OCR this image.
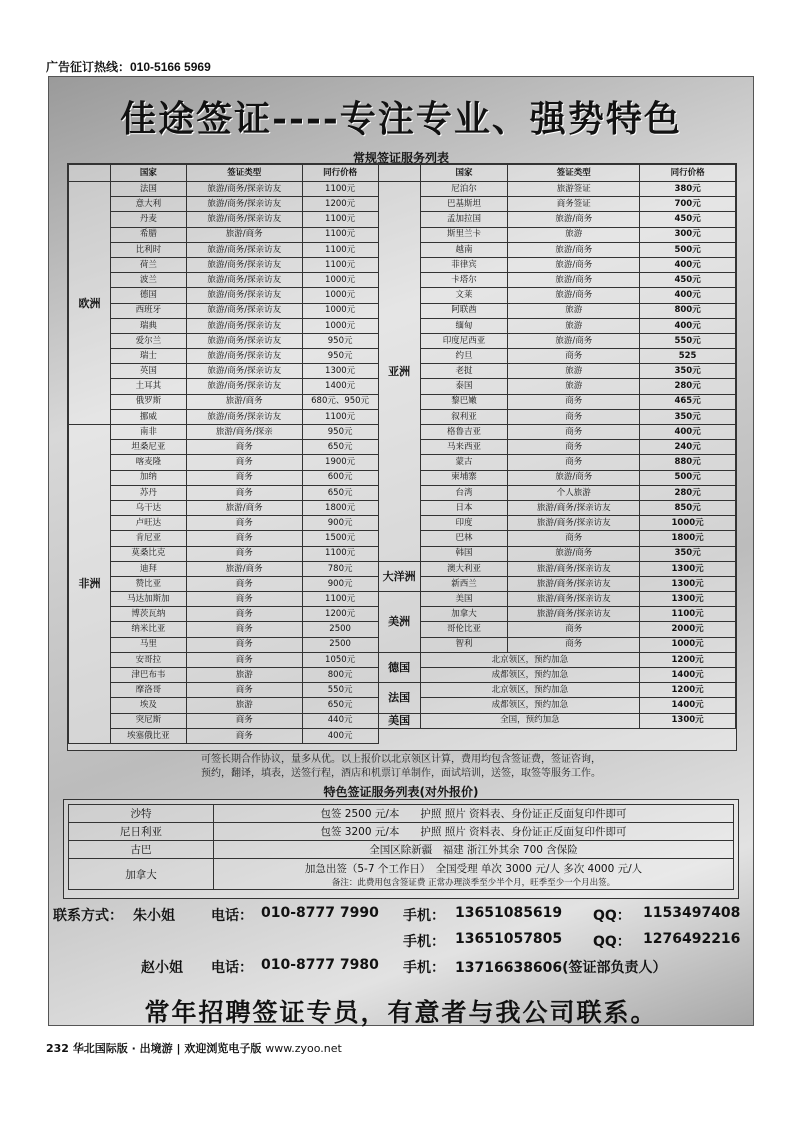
广告征订热线：010-5166 5969
佳途签证----专注专业、强势特色
常规签证服务列表
	国家	签证类型	同行价格		国家	签证类型	同行价格
欧洲	法国	旅游/商务/探亲访友	1100元	亚洲	尼泊尔	旅游签证	380元
	意大利	旅游/商务/探亲访友	1200元		巴基斯坦	商务签证	700元
	丹麦	旅游/商务/探亲访友	1100元		孟加拉国	旅游/商务	450元
	希腊	旅游/商务	1100元		斯里兰卡	旅游	300元
	比利时	旅游/商务/探亲访友	1100元		越南	旅游/商务	500元
	荷兰	旅游/商务/探亲访友	1100元		菲律宾	旅游/商务	400元
	波兰	旅游/商务/探亲访友	1000元		卡塔尔	旅游/商务	450元
	德国	旅游/商务/探亲访友	1000元		文莱	旅游/商务	400元
	西班牙	旅游/商务/探亲访友	1000元		阿联酋	旅游	800元
	瑞典	旅游/商务/探亲访友	1000元		缅甸	旅游	400元
	爱尔兰	旅游/商务/探亲访友	950元		印度尼西亚	旅游/商务	550元
	瑞士	旅游/商务/探亲访友	950元		约旦	商务	525
	英国	旅游/商务/探亲访友	1300元		老挝	旅游	350元
	土耳其	旅游/商务/探亲访友	1400元		泰国	旅游	280元
	俄罗斯	旅游/商务	680元、950元		黎巴嫩	商务	465元
	挪威	旅游/商务/探亲访友	1100元		叙利亚	商务	350元
非洲	南非	旅游/商务/探亲	950元		格鲁吉亚	商务	400元
	坦桑尼亚	商务	650元		马来西亚	商务	240元
	喀麦隆	商务	1900元		蒙古	商务	880元
	加纳	商务	600元		柬埔寨	旅游/商务	500元
	苏丹	商务	650元		台湾	个人旅游	280元
	乌干达	旅游/商务	1800元		日本	旅游/商务/探亲访友	850元
	卢旺达	商务	900元		印度	旅游/商务/探亲访友	1000元
	肯尼亚	商务	1500元		巴林	商务	1800元
	莫桑比克	商务	1100元		韩国	旅游/商务	350元
	迪拜	旅游/商务	780元	大洋洲	澳大利亚	旅游/商务/探亲访友	1300元
	赞比亚	商务	900元		新西兰	旅游/商务/探亲访友	1300元
	马达加斯加	商务	1100元	美洲	美国	旅游/商务/探亲访友	1300元
	博茨瓦纳	商务	1200元		加拿大	旅游/商务/探亲访友	1100元
	纳米比亚	商务	2500		哥伦比亚	商务	2000元
	马里	商务	2500		智利	商务	1000元
	安哥拉	商务	1050元	德国	北京领区，预约加急		1200元
	津巴布韦	旅游	800元		成都领区，预约加急		1400元
	摩洛哥	商务	550元	法国	北京领区，预约加急		1200元
	埃及	旅游	650元		成都领区，预约加急		1400元
	突尼斯	商务	440元	美国	全国，预约加急		1300元
	埃塞俄比亚	商务	400元				
可签长期合作协议，量多从优。以上报价以北京领区计算，费用均包含签证费，签证咨询，
预约，翻译，填表，送签行程，酒店和机票订单制作，面试培训，送签，取签等服务工作。
特色签证服务列表(对外报价)
沙特	包签 2500 元/本　　护照 照片 资料表、身份证正反面复印件即可
尼日利亚	包签 3200 元/本　　护照 照片 资料表、身份证正反面复印件即可
古巴	全国区除新疆　福建 浙江外其余 700 含保险
加拿大	加急出签（5-7 个工作日）　全国受理 单次 3000 元/人 多次 4000 元/人
备注：此费用包含签证费 正常办理淡季至少半个月，旺季至少一个月出签。
联系方式： 朱小姐	电话： 010-8777 7990 手机： 13651085619 QQ： 1153497408
手机： 13651057805 QQ： 1276492216
赵小姐 电话： 010-8777 7980 手机： 13716638606(签证部负责人）
常年招聘签证专员，有意者与我公司联系。
232 华北国际版 · 出境游 | 欢迎浏览电子版 www.zyoo.net
